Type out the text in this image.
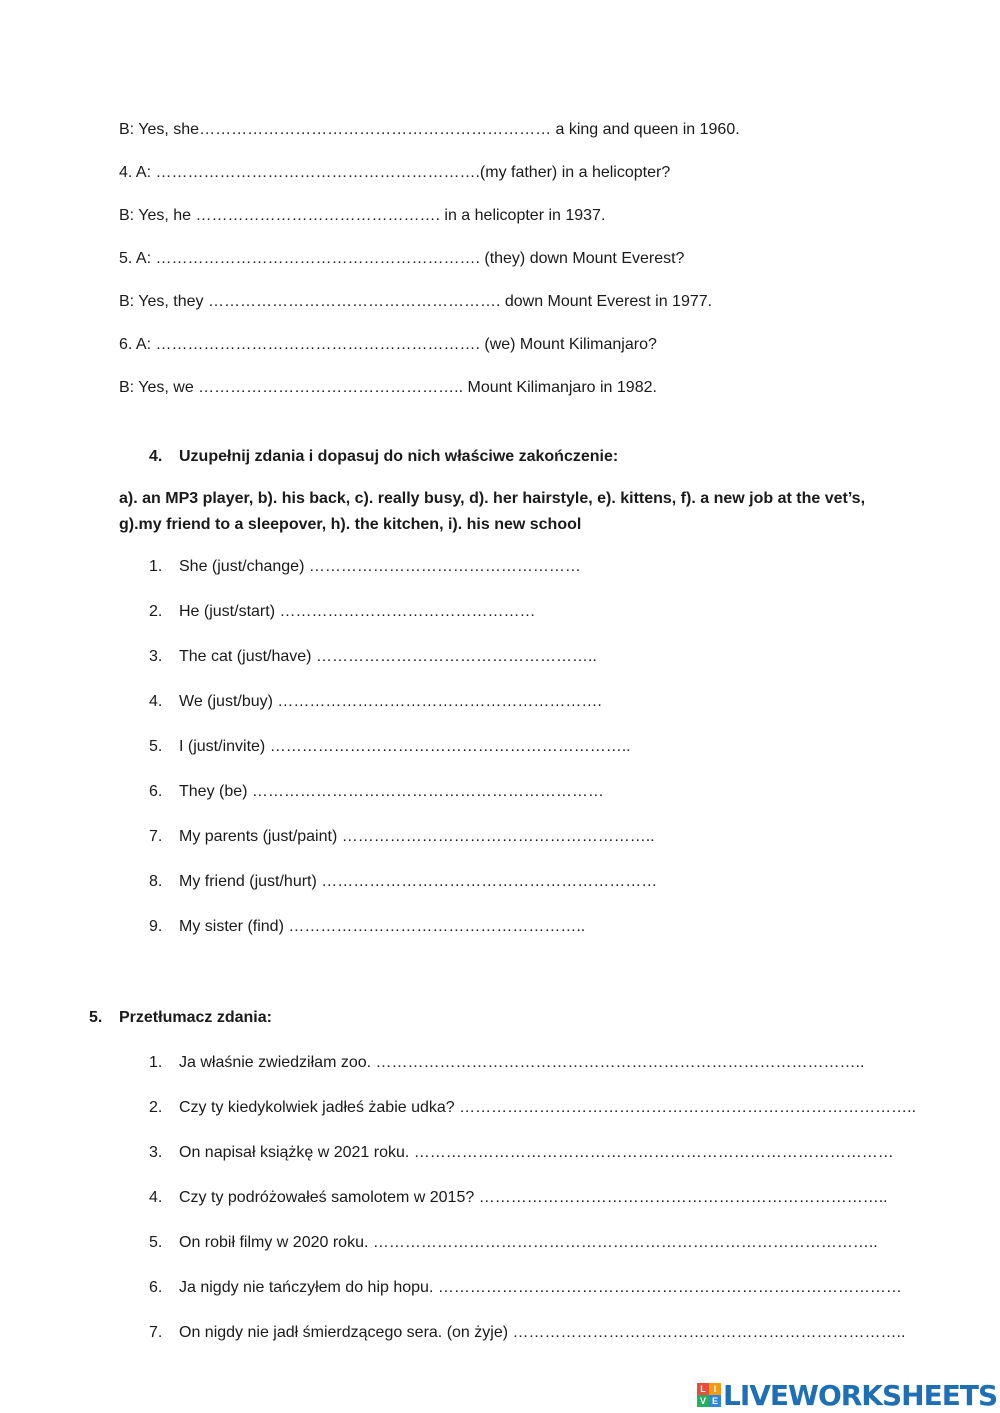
B: Yes, she………………………………………………………… a king and queen in 1960.
4. A: …………………………………………………….(my father) in a helicopter?
B: Yes, he ………………………………………. in a helicopter in 1937.
5. A: ……………………………………………………. (they) down Mount Everest?
B: Yes, they ………………………………………………. down Mount Everest in 1977.
6. A: ……………………………………………………. (we) Mount Kilimanjaro?
B: Yes, we ………………………………………….. Mount Kilimanjaro in 1982.
4. Uzupełnij zdania i dopasuj do nich właściwe zakończenie:
a). an MP3 player, b). his back, c). really busy, d). her hairstyle, e). kittens, f). a new job at the vet’s,
g).my friend to a sleepover, h). the kitchen, i). his new school
1. She (just/change) ……………………………………………
2. He (just/start) …………………………………………
3. The cat (just/have) ……………………………………………..
4. We (just/buy) …………………………………………………….
5. I (just/invite) …………………………………………………………..
6. They (be) …………………………………………………………
7. My parents (just/paint) …………………………………………………..
8. My friend (just/hurt) ………………………………………………………
9. My sister (find) ………………………………………………..
5. Przetłumacz zdania:
1. Ja właśnie zwiedziłam zoo. ………………………………………………………………………………..
2. Czy ty kiedykolwiek jadłeś żabie udka? …………………………………………………………………………..
3. On napisał książkę w 2021 roku. ………………………………………………………………………………
4. Czy ty podróżowałeś samolotem w 2015? …………………………………………………………………..
5. On robił filmy w 2020 roku. …………………………………………………………………………………..
6. Ja nigdy nie tańczyłem do hip hopu. ……………………………………………………………………………
7. On nigdy nie jadł śmierdzącego sera. (on żyje) ………………………………………………………………..
L I
V E LIVEWORKSHEETS
